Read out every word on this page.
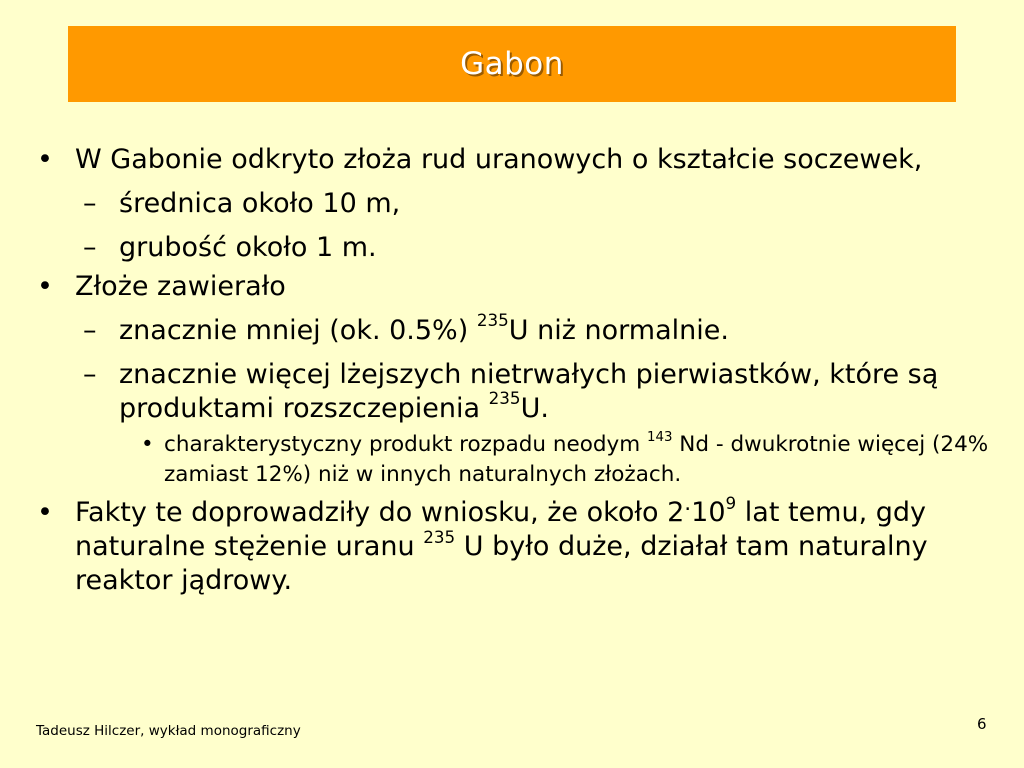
Gabon
• W Gabonie odkryto złoża rud uranowych o kształcie soczewek,
– średnica około 10 m,
– grubość około 1 m.
• Złoże zawierało
– znacznie mniej (ok. 0.5%) $^{235}$U niż normalnie.
– znacznie więcej lżejszych nietrwałych pierwiastków, które są produktami rozszczepienia $^{235}$U.
• charakterystyczny produkt rozpadu neodym $^{143}$ Nd - dwukrotnie więcej (24% zamiast 12%) niż w innych naturalnych złożach.
• Fakty te doprowadziły do wniosku, że około $2^\cdot 10^9$ lat temu, gdy naturalne stężenie uranu $^{235}$ U było duże, działał tam naturalny reaktor jądrowy.
Tadeusz Hilczer, wykład monograficzny	6
